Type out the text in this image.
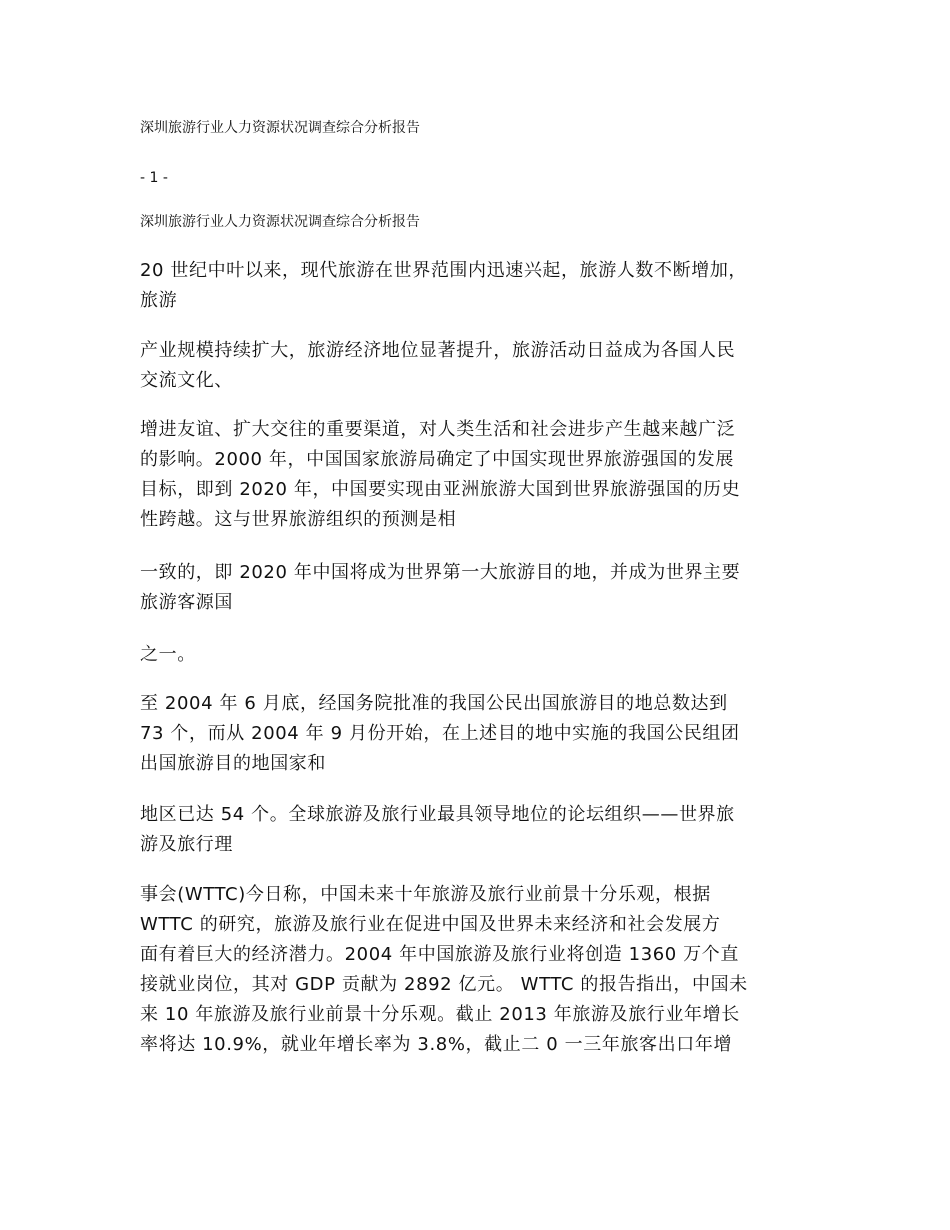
深圳旅游行业人力资源状况调查综合分析报告
- 1 -
深圳旅游行业人力资源状况调查综合分析报告
20 世纪中叶以来，现代旅游在世界范围内迅速兴起，旅游人数不断增加，
旅游
产业规模持续扩大，旅游经济地位显著提升，旅游活动日益成为各国人民
交流文化、
增进友谊、扩大交往的重要渠道，对人类生活和社会进步产生越来越广泛
的影响。2000 年，中国国家旅游局确定了中国实现世界旅游强国的发展
目标，即到 2020 年，中国要实现由亚洲旅游大国到世界旅游强国的历史
性跨越。这与世界旅游组织的预测是相
一致的，即 2020 年中国将成为世界第一大旅游目的地，并成为世界主要
旅游客源国
之一。
至 2004 年 6 月底，经国务院批准的我国公民出国旅游目的地总数达到
73 个，而从 2004 年 9 月份开始，在上述目的地中实施的我国公民组团
出国旅游目的地国家和
地区已达 54 个。全球旅游及旅行业最具领导地位的论坛组织——世界旅
游及旅行理
事会(WTTC)今日称，中国未来十年旅游及旅行业前景十分乐观，根据
WTTC 的研究，旅游及旅行业在促进中国及世界未来经济和社会发展方
面有着巨大的经济潜力。2004 年中国旅游及旅行业将创造 1360 万个直
接就业岗位，其对 GDP 贡献为 2892 亿元。 WTTC 的报告指出，中国未
来 10 年旅游及旅行业前景十分乐观。截止 2013 年旅游及旅行业年增长
率将达 10.9%，就业年增长率为 3.8%，截止二 0 一三年旅客出口年增
